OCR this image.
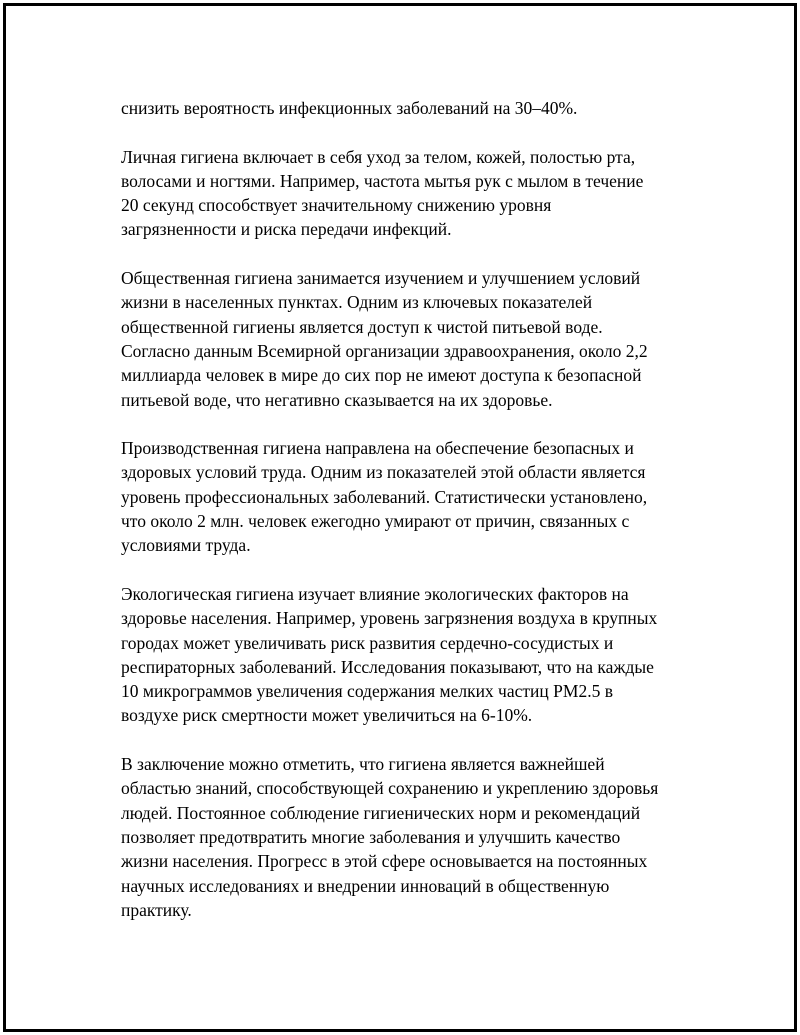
снизить вероятность инфекционных заболеваний на 30–40%.

Личная гигиена включает в себя уход за телом, кожей, полостью рта,
волосами и ногтями. Например, частота мытья рук с мылом в течение
20 секунд способствует значительному снижению уровня
загрязненности и риска передачи инфекций.

Общественная гигиена занимается изучением и улучшением условий
жизни в населенных пунктах. Одним из ключевых показателей
общественной гигиены является доступ к чистой питьевой воде.
Согласно данным Всемирной организации здравоохранения, около 2,2
миллиарда человек в мире до сих пор не имеют доступа к безопасной
питьевой воде, что негативно сказывается на их здоровье.

Производственная гигиена направлена на обеспечение безопасных и
здоровых условий труда. Одним из показателей этой области является
уровень профессиональных заболеваний. Статистически установлено,
что около 2 млн. человек ежегодно умирают от причин, связанных с
условиями труда.

Экологическая гигиена изучает влияние экологических факторов на
здоровье населения. Например, уровень загрязнения воздуха в крупных
городах может увеличивать риск развития сердечно-сосудистых и
респираторных заболеваний. Исследования показывают, что на каждые
10 микрограммов увеличения содержания мелких частиц PM2.5 в
воздухе риск смертности может увеличиться на 6-10%.

В заключение можно отметить, что гигиена является важнейшей
областью знаний, способствующей сохранению и укреплению здоровья
людей. Постоянное соблюдение гигиенических норм и рекомендаций
позволяет предотвратить многие заболевания и улучшить качество
жизни населения. Прогресс в этой сфере основывается на постоянных
научных исследованиях и внедрении инноваций в общественную
практику.
